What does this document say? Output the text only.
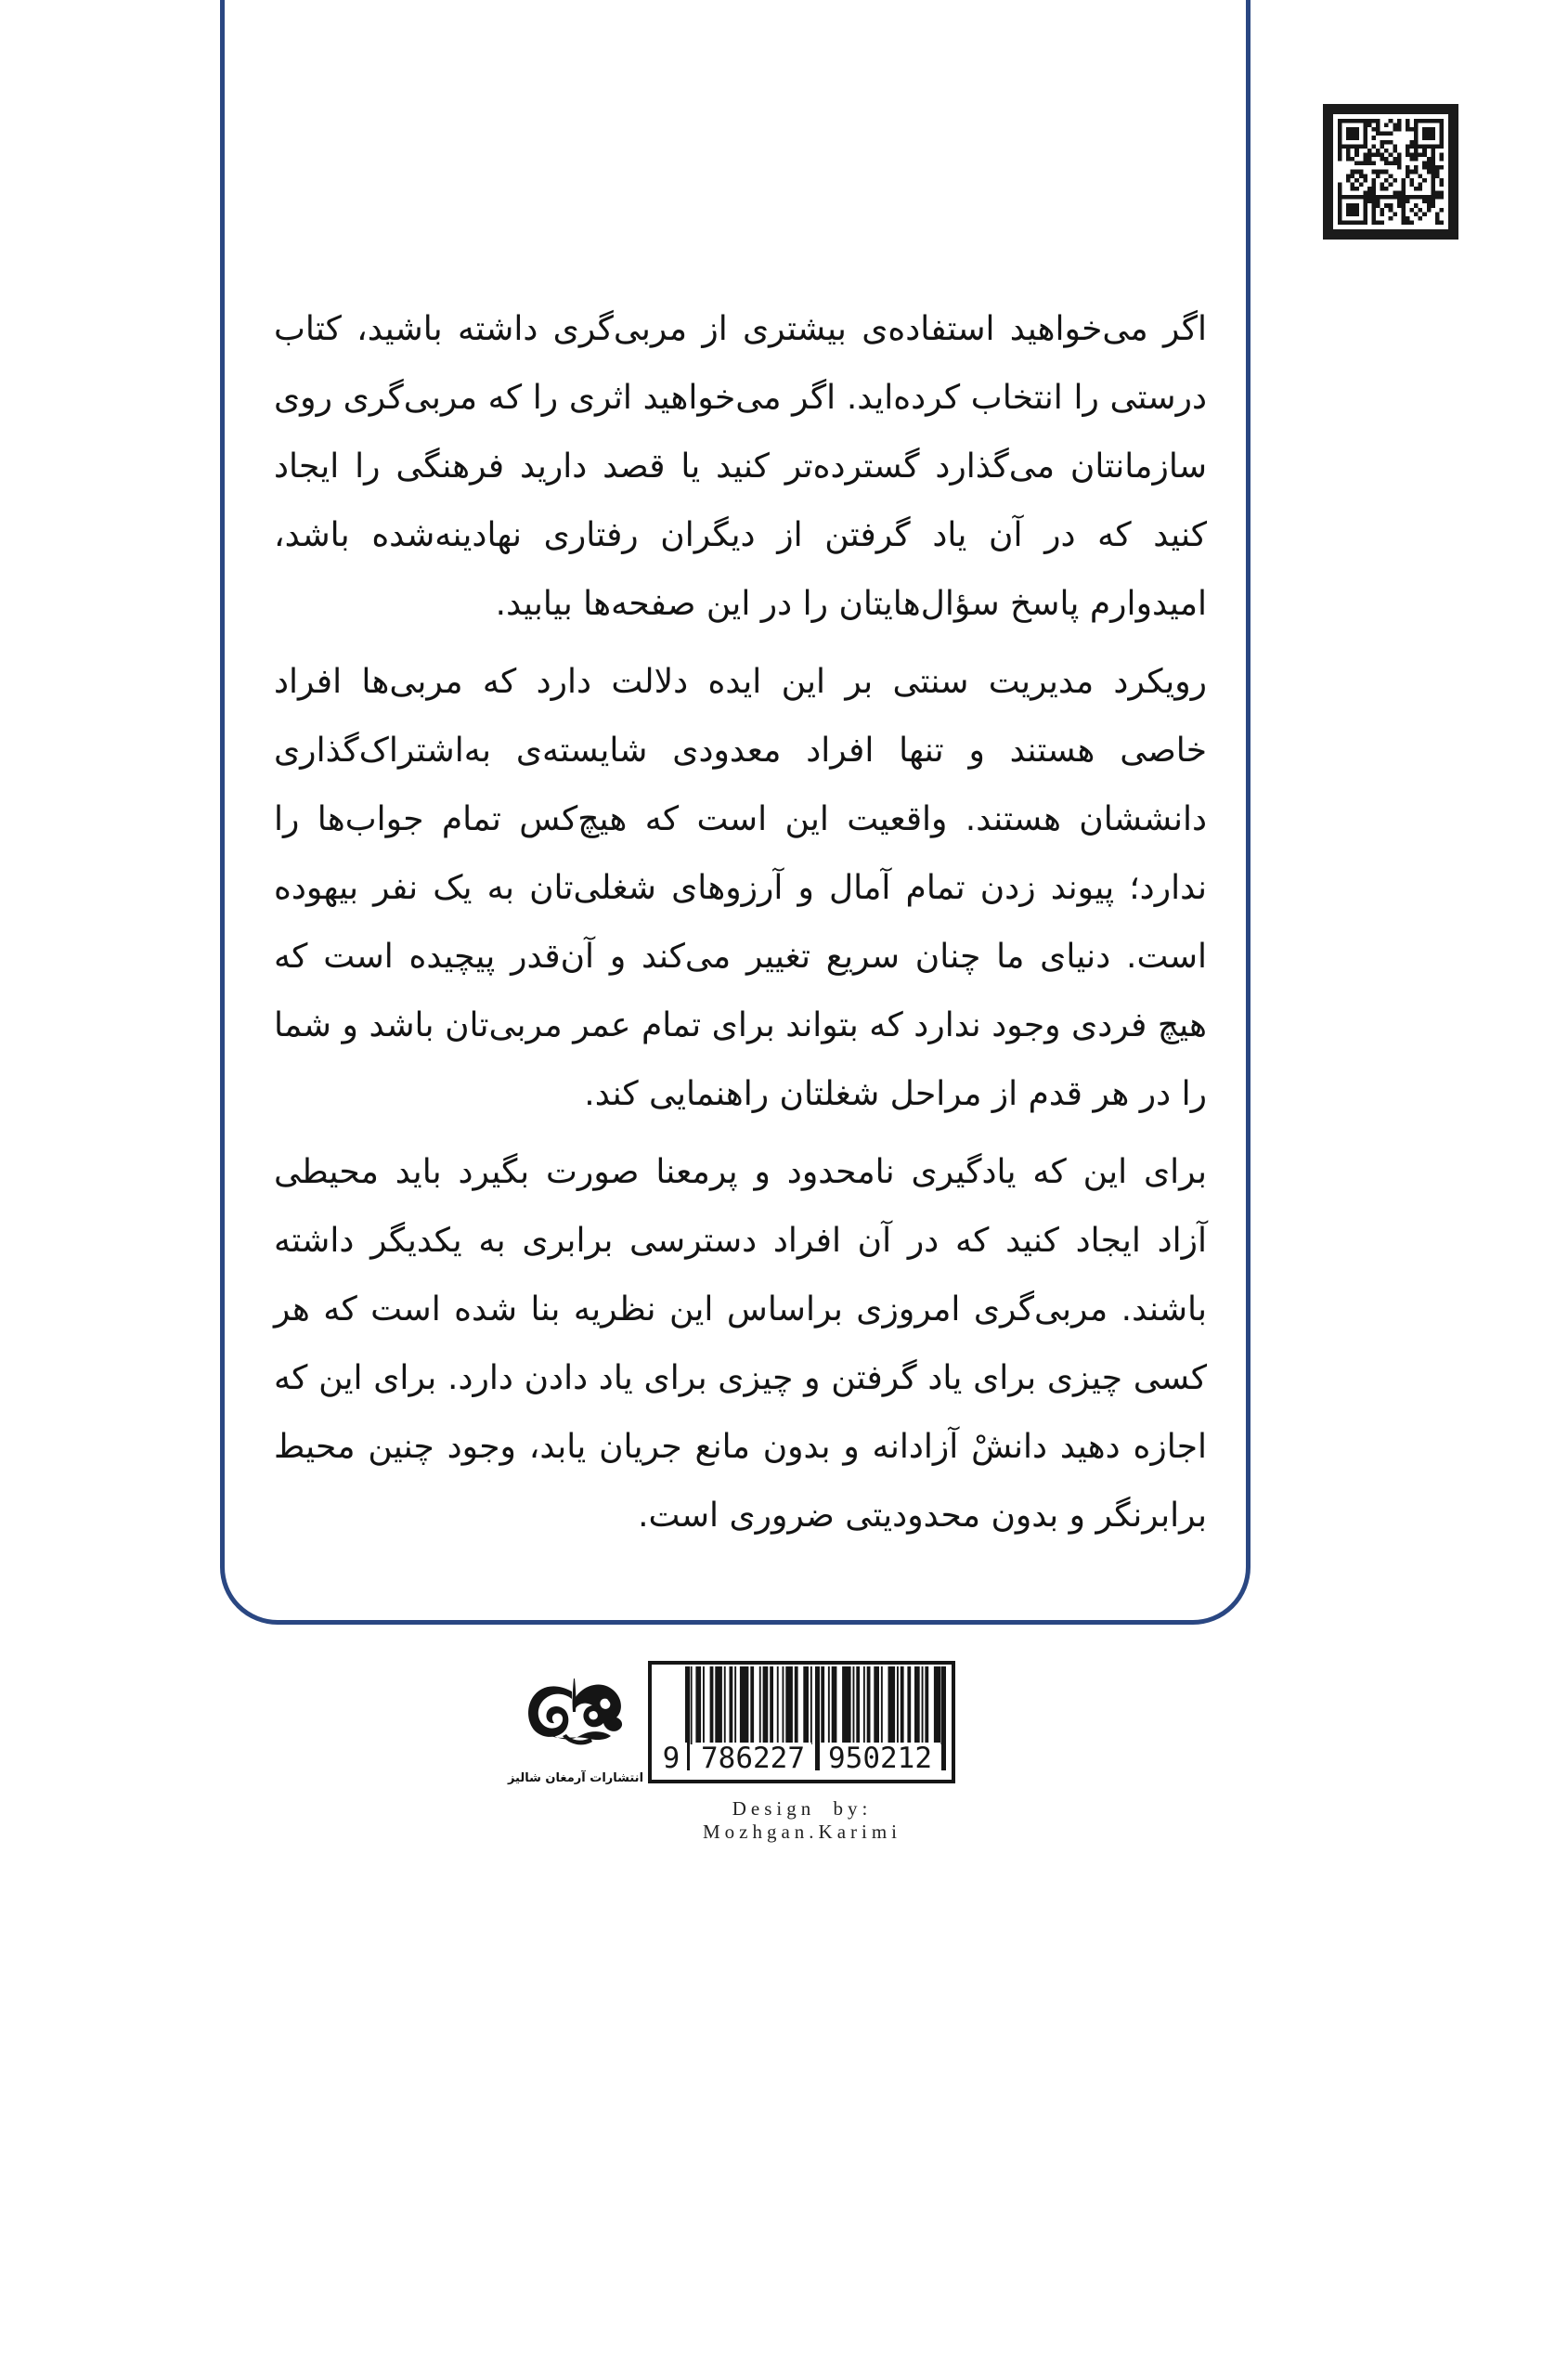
اگر می‌خواهید استفاده‌ی بیشتری از مربی‌گری داشته باشید، کتاب درستی را انتخاب کرده‌اید. اگر می‌خواهید اثری را که مربی‌گری روی سازمانتان می‌گذارد گسترده‌تر کنید یا قصد دارید فرهنگی را ایجاد کنید که در آن یاد گرفتن از دیگران رفتاری نهادینه‌شده باشد، امیدوارم پاسخ سؤال‌هایتان را در این صفحه‌ها بیابید.

رویکرد مدیریت سنتی بر این ایده دلالت دارد که مربی‌ها افراد خاصی هستند و تنها افراد معدودی شایسته‌ی به‌اشتراک‌گذاری دانششان هستند. واقعیت این است که هیچ‌کس تمام جواب‌ها را ندارد؛ پیوند زدن تمام آمال و آرزوهای شغلی‌تان به یک نفر بیهوده است. دنیای ما چنان سریع تغییر می‌کند و آن‌قدر پیچیده است که هیچ فردی وجود ندارد که بتواند برای تمام عمر مربی‌تان باشد و شما را در هر قدم از مراحل شغلتان راهنمایی کند.

برای این که یادگیری نامحدود و پرمعنا صورت بگیرد باید محیطی آزاد ایجاد کنید که در آن افراد دسترسی برابری به یکدیگر داشته باشند. مربی‌گری امروزی براساس این نظریه بنا شده است که هر کسی چیزی برای یاد گرفتن و چیزی برای یاد دادن دارد. برای این که اجازه دهید دانشْ آزادانه و بدون مانع جریان یابد، وجود چنین محیط برابرنگر و بدون محدودیتی ضروری است.

انتشارات آرمغان شالیز
9 786227 950212
Design by: Mozhgan.Karimi
